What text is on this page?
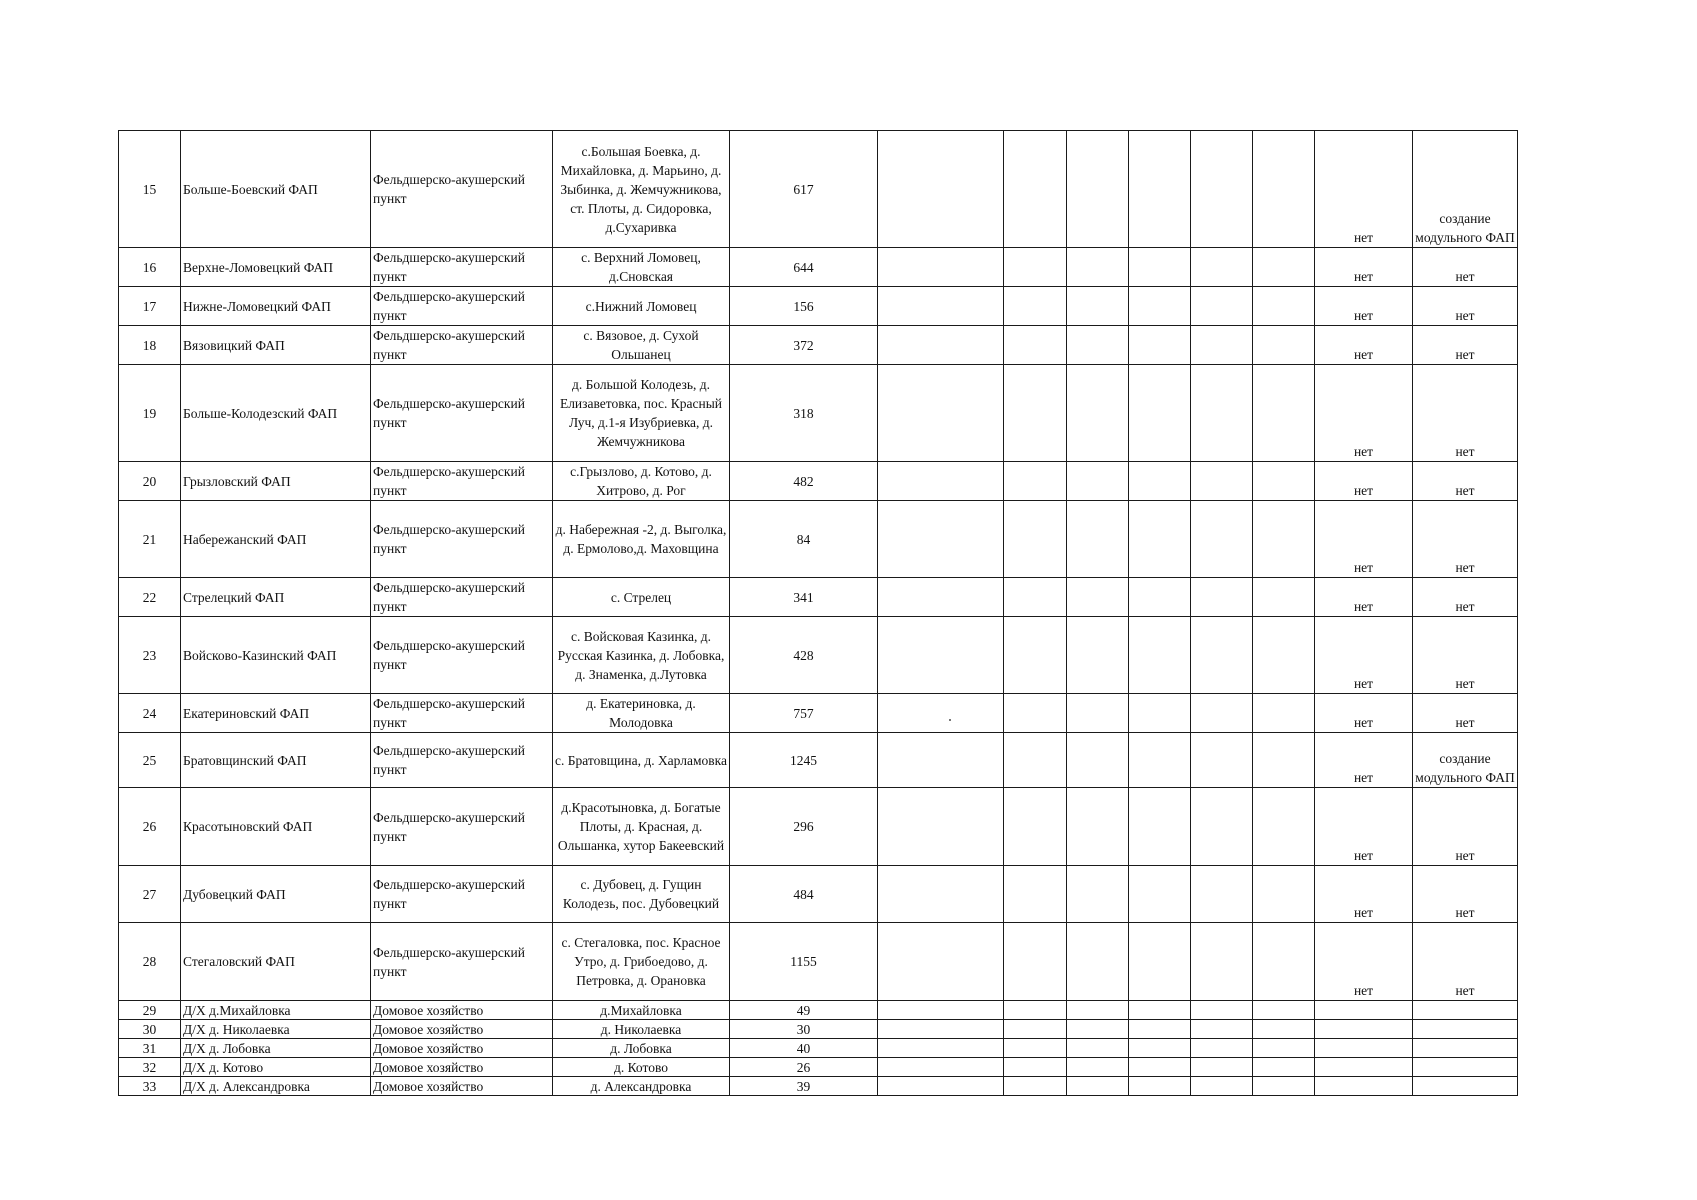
15	Больше-Боевский ФАП	Фельдшерско-акушерский пункт	с.Большая Боевка, д. Михайловка, д. Марьино, д. Зыбинка, д. Жемчужникова, ст. Плоты, д. Сидоровка, д.Сухаривка	617							нет	создание модульного ФАП
16	Верхне-Ломовецкий ФАП	Фельдшерско-акушерский пункт	с. Верхний Ломовец, д.Сновская	644							нет	нет
17	Нижне-Ломовецкий ФАП	Фельдшерско-акушерский пункт	с.Нижний Ломовец	156							нет	нет
18	Вязовицкий ФАП	Фельдшерско-акушерский пункт	с. Вязовое, д. Сухой Ольшанец	372							нет	нет
19	Больше-Колодезский ФАП	Фельдшерско-акушерский пункт	д. Большой Колодезь, д. Елизаветовка, пос. Красный Луч, д.1-я Изубриевка, д. Жемчужникова	318							нет	нет
20	Грызловский ФАП	Фельдшерско-акушерский пункт	с.Грызлово, д. Котово, д. Хитрово, д. Рог	482							нет	нет
21	Набережанский ФАП	Фельдшерско-акушерский пункт	д. Набережная -2, д. Выголка, д. Ермолово,д. Маховщина	84							нет	нет
22	Стрелецкий ФАП	Фельдшерско-акушерский пункт	с. Стрелец	341							нет	нет
23	Войсково-Казинский ФАП	Фельдшерско-акушерский пункт	с. Войсковая Казинка, д. Русская Казинка, д. Лобовка, д. Знаменка, д.Лутовка	428							нет	нет
24	Екатериновский ФАП	Фельдшерско-акушерский пункт	д. Екатериновка, д. Молодовка	757							нет	нет
25	Братовщинский ФАП	Фельдшерско-акушерский пункт	с. Братовщина, д. Харламовка	1245							нет	создание модульного ФАП
26	Красотыновский ФАП	Фельдшерско-акушерский пункт	д.Красотыновка, д. Богатые Плоты, д. Красная, д. Ольшанка, хутор Бакеевский	296							нет	нет
27	Дубовецкий ФАП	Фельдшерско-акушерский пункт	с. Дубовец, д. Гущин Колодезь, пос. Дубовецкий	484							нет	нет
28	Стегаловский ФАП	Фельдшерско-акушерский пункт	с. Стегаловка, пос. Красное Утро, д. Грибоедово, д. Петровка, д. Орановка	1155							нет	нет
29	Д/Х д.Михайловка	Домовое хозяйство	д.Михайловка	49								
30	Д/Х д. Николаевка	Домовое хозяйство	д. Николаевка	30								
31	Д/Х д. Лобовка	Домовое хозяйство	д. Лобовка	40								
32	Д/Х д. Котово	Домовое хозяйство	д. Котово	26								
33	Д/Х д. Александровка	Домовое хозяйство	д. Александровка	39								
